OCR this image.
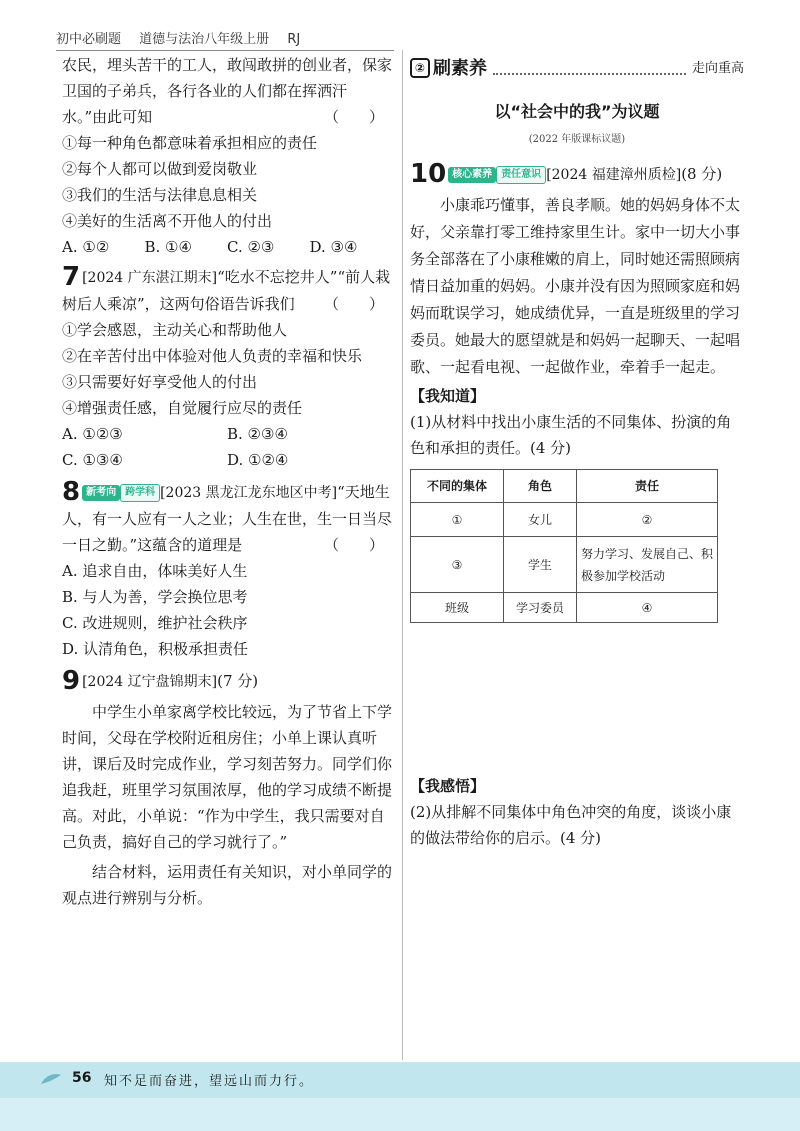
初中必刷题 道德与法治八年级上册 RJ

农民，埋头苦干的工人，敢闯敢拼的创业者，保家卫国的子弟兵，各行各业的人们都在挥洒汗水。”由此可知	（　　）

①每一种角色都意味着承担相应的责任

②每个人都可以做到爱岗敬业

③我们的生活与法律息息相关

④美好的生活离不开他人的付出

A. ①②	B. ①④	C. ②③	D. ③④

7 [2024 广东湛江期末]“吃水不忘挖井人”“前人栽树后人乘凉”，这两句俗语告诉我们 （　　）

①学会感恩，主动关心和帮助他人

②在辛苦付出中体验对他人负责的幸福和快乐

③只需要好好享受他人的付出

④增强责任感，自觉履行应尽的责任

A. ①②③	B. ②③④
C. ①③④	D. ①②④

8 新考向 跨学科 [2023 黑龙江龙东地区中考]“天地生人，有一人应有一人之业；人生在世，生一日当尽一日之勤。”这蕴含的道理是	（　　）

A. 追求自由，体味美好人生

B. 与人为善，学会换位思考

C. 改进规则，维护社会秩序

D. 认清角色，积极承担责任

9 [2024 辽宁盘锦期末](7 分)

中学生小单家离学校比较远，为了节省上下学时间，父母在学校附近租房住；小单上课认真听讲，课后及时完成作业，学习刻苦努力。同学们你追我赶，班里学习氛围浓厚，他的学习成绩不断提高。对此，小单说：“作为中学生，我只需要对自己负责，搞好自己的学习就行了。”

结合材料，运用责任有关知识，对小单同学的观点进行辨别与分析。

② 刷素养	走向重高
以“社会中的我”为议题
(2022 年版课标议题)

10 核心素养 责任意识 [2024 福建漳州质检](8 分)

小康乖巧懂事，善良孝顺。她的妈妈身体不太好，父亲靠打零工维持家里生计。家中一切大小事务全部落在了小康稚嫩的肩上，同时她还需照顾病情日益加重的妈妈。小康并没有因为照顾家庭和妈妈而耽误学习，她成绩优异，一直是班级里的学习委员。她最大的愿望就是和妈妈一起聊天、一起唱歌、一起看电视、一起做作业，牵着手一起走。

【我知道】

(1)从材料中找出小康生活的不同集体、扮演的角色和承担的责任。(4 分)

不同的集体	角色	责任
①	女儿	②
③	学生	努力学习、发展自己、积极参加学校活动
班级	学习委员	④

【我感悟】

(2)从排解不同集体中角色冲突的角度，谈谈小康的做法带给你的启示。(4 分)

56 知不足而奋进，望远山而力行。
